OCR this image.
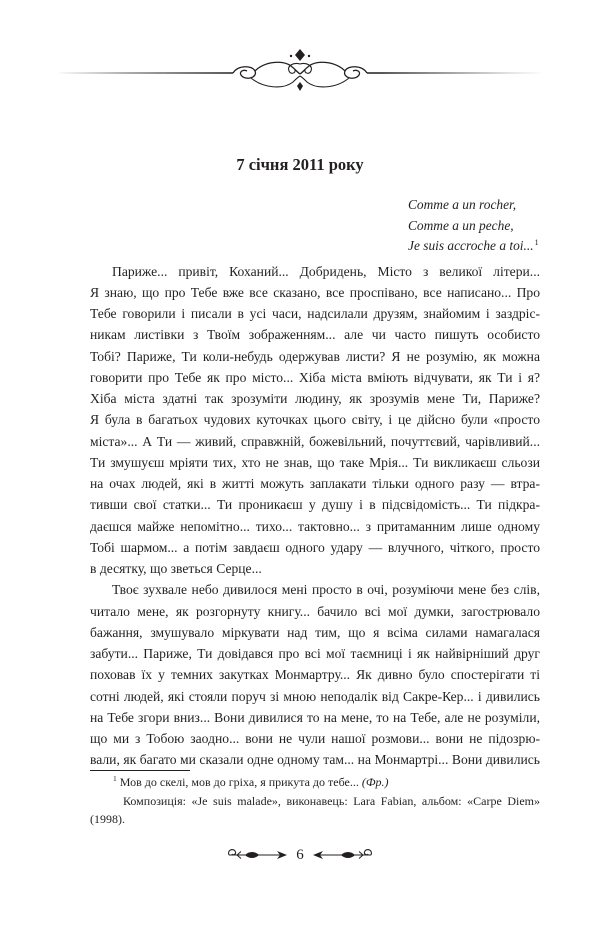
7 січня 2011 року
Comme a un rocher,
Comme a un peche,
Je suis accroche a toi...$^1$
Париже... привіт, Коханий... Добридень, Місто з великої літери...
Я знаю, що про Тебе вже все сказано, все проспівано, все написано... Про
Тебе говорили і писали в усі часи, надсилали друзям, знайомим і заздріс-
никам листівки з Твоїм зображенням... але чи часто пишуть особисто
Тобі? Париже, Ти коли-небудь одержував листи? Я не розумію, як можна
говорити про Тебе як про місто... Хіба міста вміють відчувати, як Ти і я?
Хіба міста здатні так зрозуміти людину, як зрозумів мене Ти, Париже?
Я була в багатьох чудових куточках цього світу, і це дійсно були «просто
міста»... А Ти — живий, справжній, божевільний, почуттєвий, чарівливий...
Ти змушуєш мріяти тих, хто не знав, що таке Мрія... Ти викликаєш сльози
на очах людей, які в житті можуть заплакати тільки одного разу — втра-
тивши свої статки... Ти проникаєш у душу і в підсвідомість... Ти підкра-
даєшся майже непомітно... тихо... тактовно... з притаманним лише одному
Тобі шармом... а потім завдаєш одного удару — влучного, чіткого, просто
в десятку, що зветься Серце...
Твоє зухвале небо дивилося мені просто в очі, розуміючи мене без слів,
читало мене, як розгорнуту книгу... бачило всі мої думки, загострювало
бажання, змушувало міркувати над тим, що я всіма силами намагалася
забути... Париже, Ти довідався про всі мої таємниці і як найвірніший друг
поховав їх у темних закутках Монмартру... Як дивно було спостерігати ті
сотні людей, які стояли поруч зі мною неподалік від Сакре-Кер... і дивились
на Тебе згори вниз... Вони дивилися то на мене, то на Тебе, але не розуміли,
що ми з Тобою заодно... вони не чули нашої розмови... вони не підозрю-
вали, як багато ми сказали одне одному там... на Монмартрі... Вони дивились
$^1$ Мов до скелі, мов до гріха, я прикута до тебе... (Фр.)
Композиція: «Je suis malade», виконавець: Lara Fabian, альбом: «Carpe Diem»
(1998).
6
